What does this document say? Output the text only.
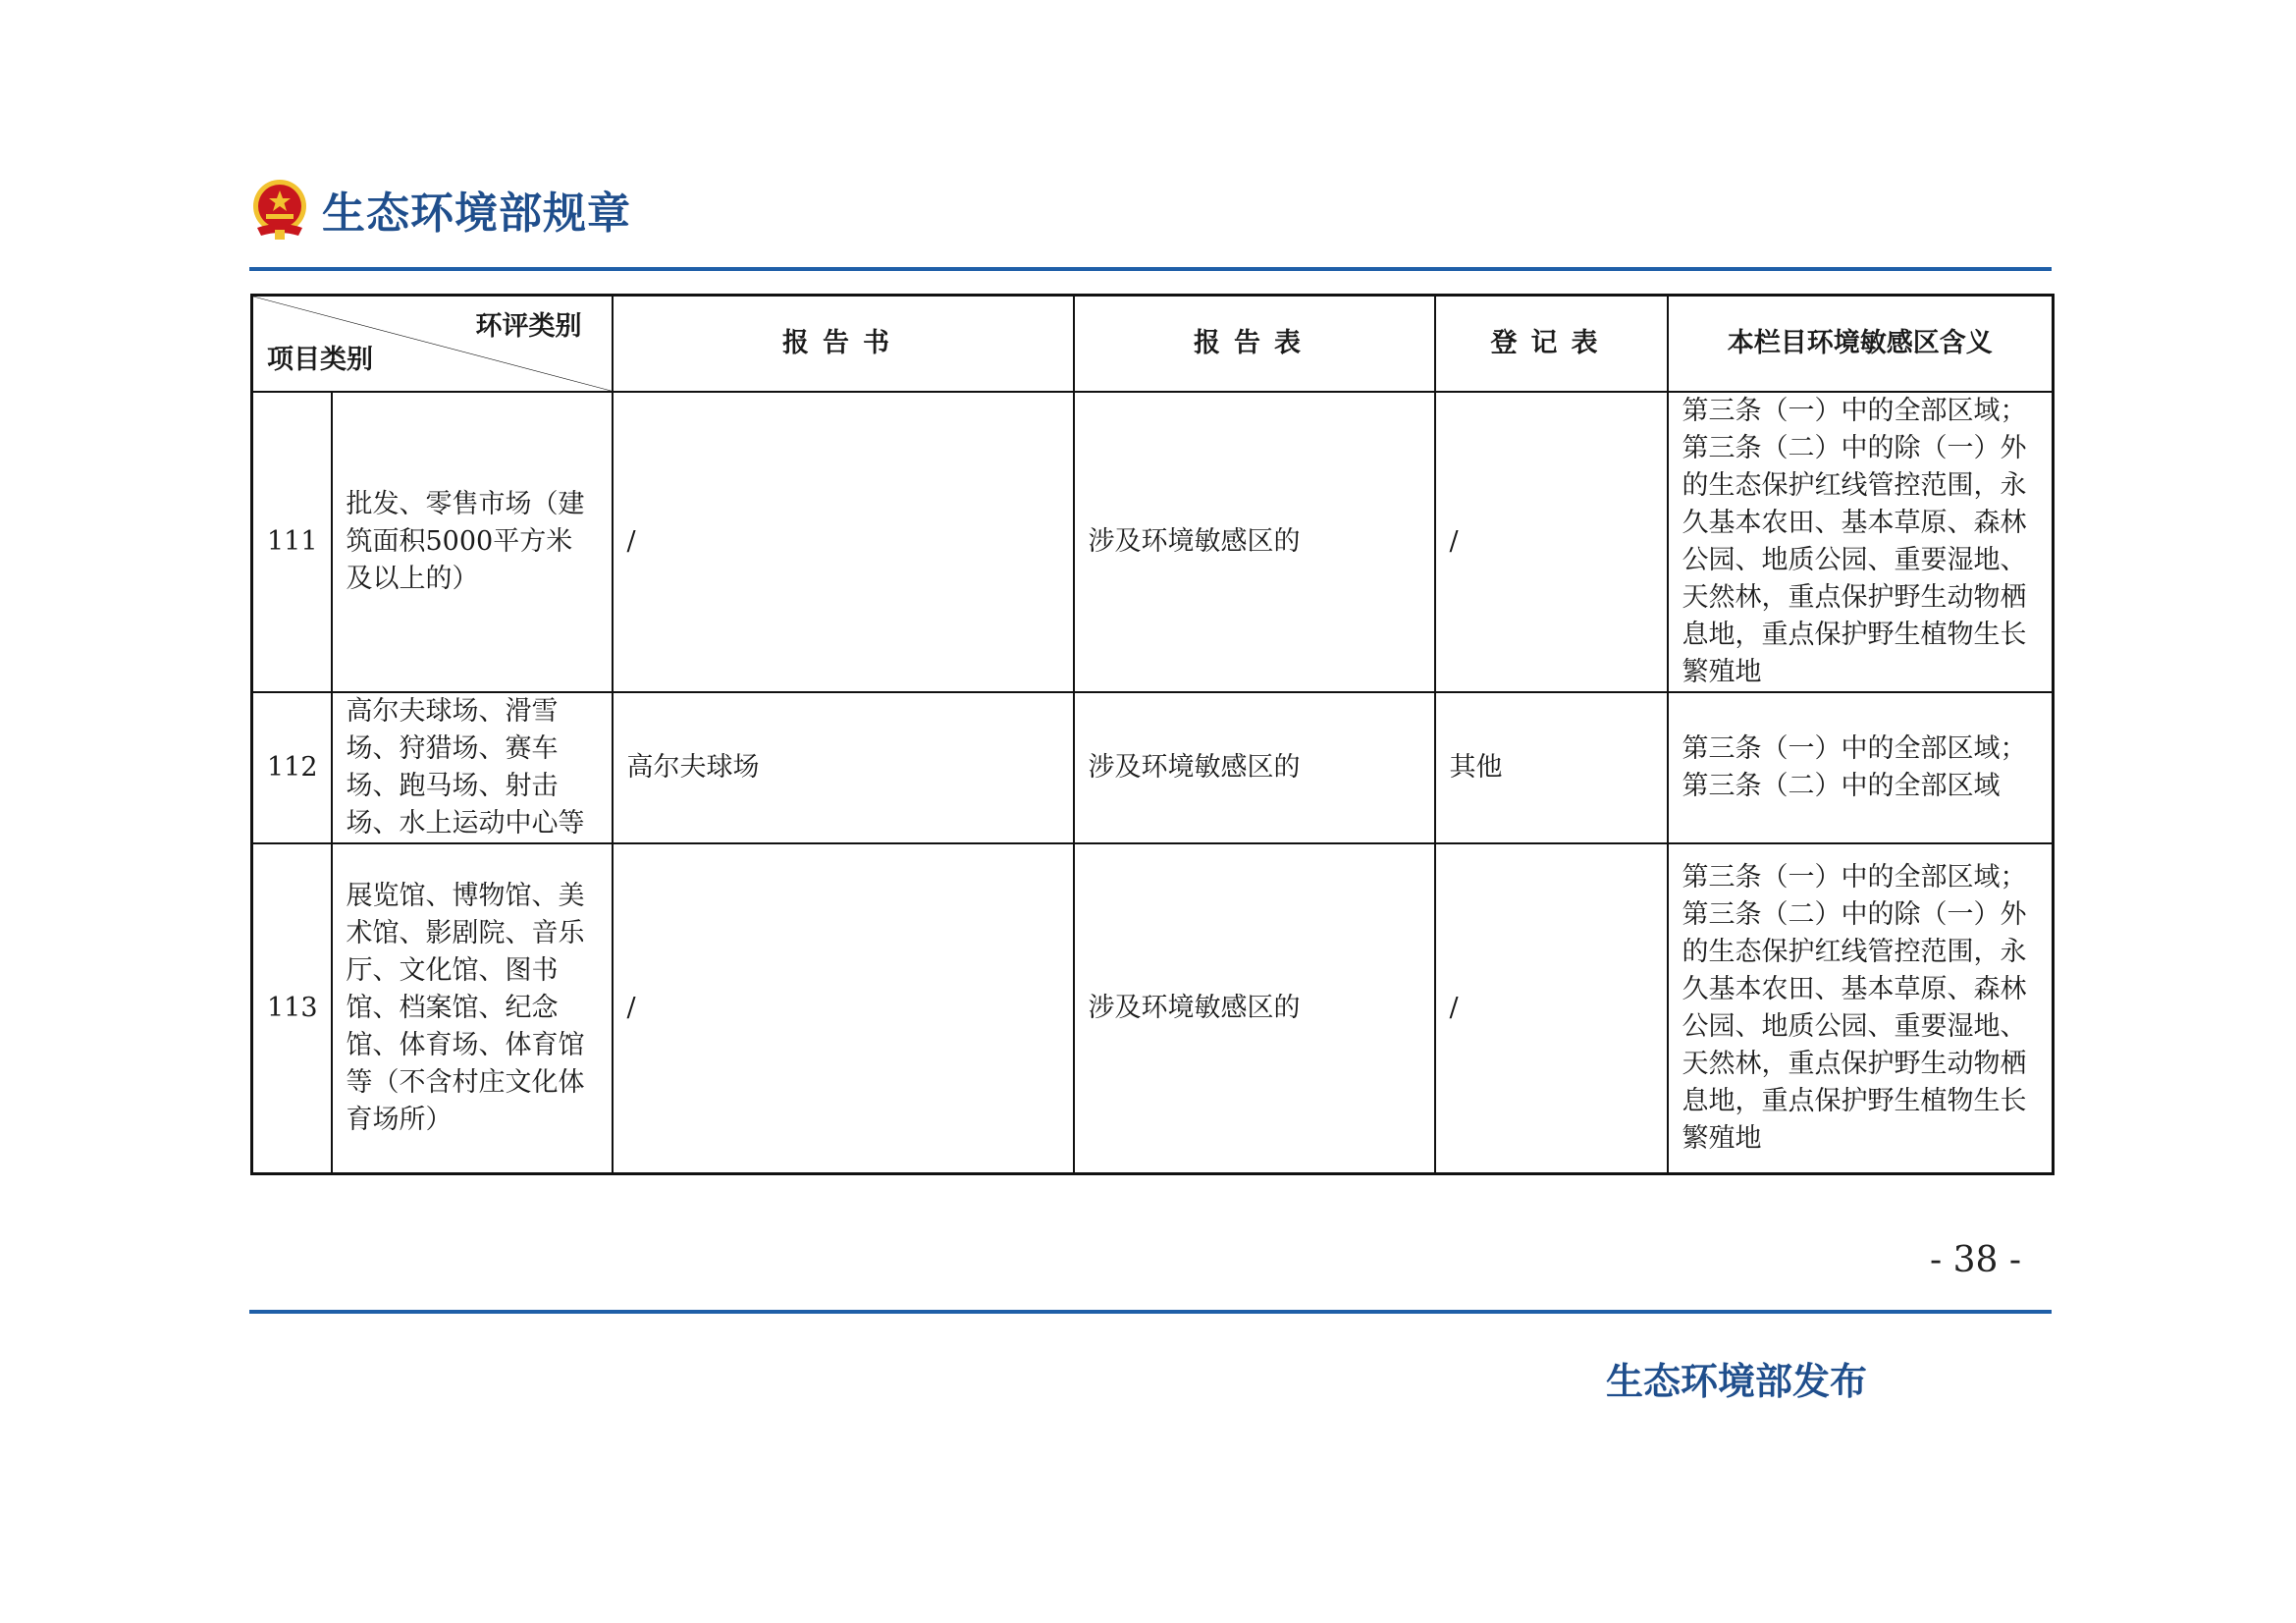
生态环境部规章
环评类别
项目类别		报告书	报告表	登记表	本栏目环境敏感区含义
111	批发、零售市场（建筑面积5000平方米及以上的）	/	涉及环境敏感区的	/	第三条（一）中的全部区域；第三条（二）中的除（一）外的生态保护红线管控范围，永久基本农田、基本草原、森林公园、地质公园、重要湿地、天然林，重点保护野生动物栖息地，重点保护野生植物生长繁殖地
112	高尔夫球场、滑雪场、狩猎场、赛车场、跑马场、射击场、水上运动中心等	高尔夫球场	涉及环境敏感区的	其他	第三条（一）中的全部区域；第三条（二）中的全部区域
113	展览馆、博物馆、美术馆、影剧院、音乐厅、文化馆、图书馆、档案馆、纪念馆、体育场、体育馆等（不含村庄文化体育场所）	/	涉及环境敏感区的	/	第三条（一）中的全部区域；第三条（二）中的除（一）外的生态保护红线管控范围，永久基本农田、基本草原、森林公园、地质公园、重要湿地、天然林，重点保护野生动物栖息地，重点保护野生植物生长繁殖地
- 38 -
生态环境部发布
